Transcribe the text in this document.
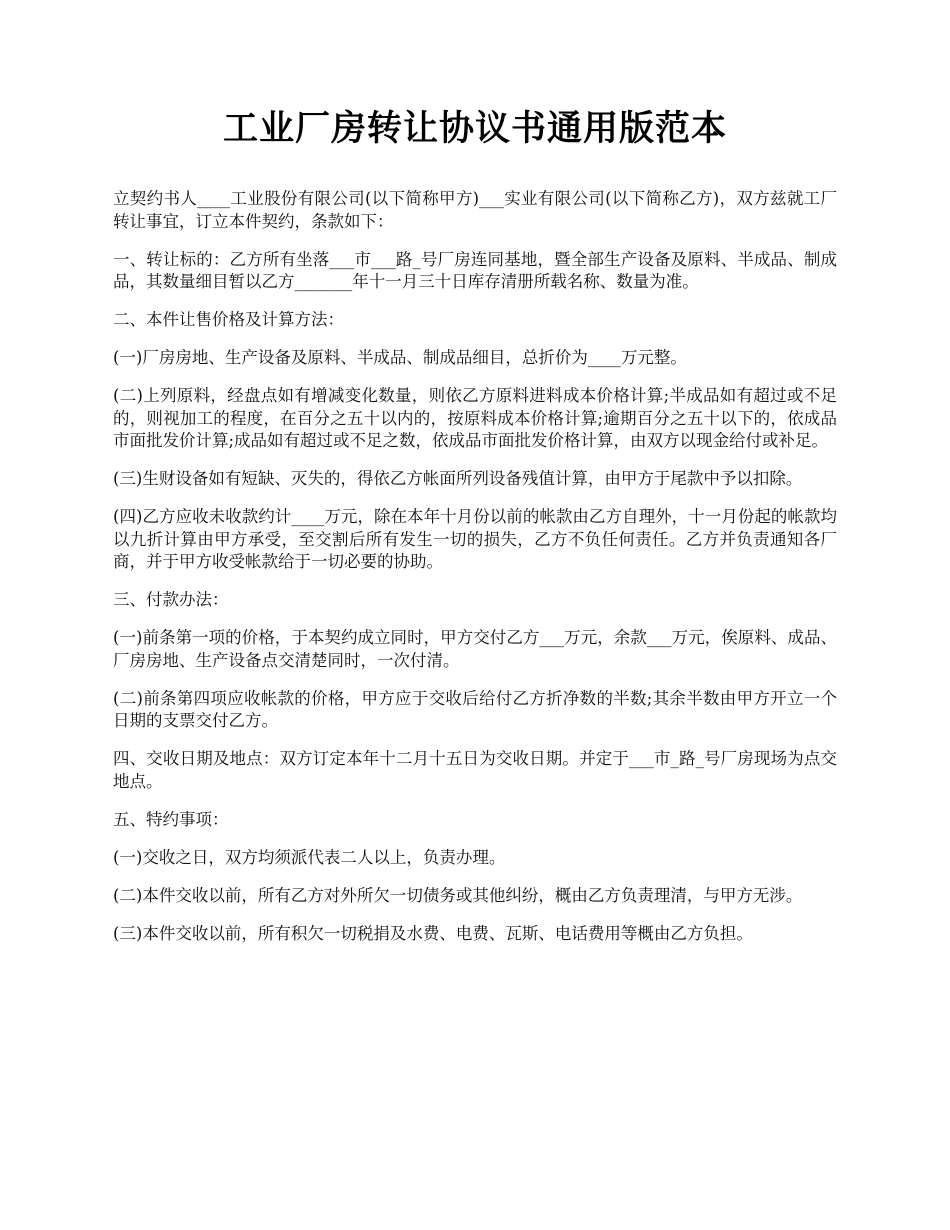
工业厂房转让协议书通用版范本

立契约书人____工业股份有限公司(以下简称甲方)___实业有限公司(以下简称乙方)，双方兹就工厂转让事宜，订立本件契约，条款如下：

一、转让标的：乙方所有坐落___市___路_号厂房连同基地，暨全部生产设备及原料、半成品、制成品，其数量细目暂以乙方_______年十一月三十日库存清册所载名称、数量为准。

二、本件让售价格及计算方法：

(一)厂房房地、生产设备及原料、半成品、制成品细目，总折价为____万元整。

(二)上列原料，经盘点如有增减变化数量，则依乙方原料进料成本价格计算;半成品如有超过或不足的，则视加工的程度，在百分之五十以内的，按原料成本价格计算;逾期百分之五十以下的，依成品市面批发价计算;成品如有超过或不足之数，依成品市面批发价格计算，由双方以现金给付或补足。

(三)生财设备如有短缺、灭失的，得依乙方帐面所列设备残值计算，由甲方于尾款中予以扣除。

(四)乙方应收未收款约计____万元，除在本年十月份以前的帐款由乙方自理外，十一月份起的帐款均以九折计算由甲方承受，至交割后所有发生一切的损失，乙方不负任何责任。乙方并负责通知各厂商，并于甲方收受帐款给于一切必要的协助。

三、付款办法：

(一)前条第一项的价格，于本契约成立同时，甲方交付乙方___万元，余款___万元，俟原料、成品、厂房房地、生产设备点交清楚同时，一次付清。

(二)前条第四项应收帐款的价格，甲方应于交收后给付乙方折净数的半数;其余半数由甲方开立一个日期的支票交付乙方。

四、交收日期及地点：双方订定本年十二月十五日为交收日期。并定于___市_路_号厂房现场为点交地点。

五、特约事项：

(一)交收之日，双方均须派代表二人以上，负责办理。

(二)本件交收以前，所有乙方对外所欠一切债务或其他纠纷，概由乙方负责理清，与甲方无涉。

(三)本件交收以前，所有积欠一切税捐及水费、电费、瓦斯、电话费用等概由乙方负担。
